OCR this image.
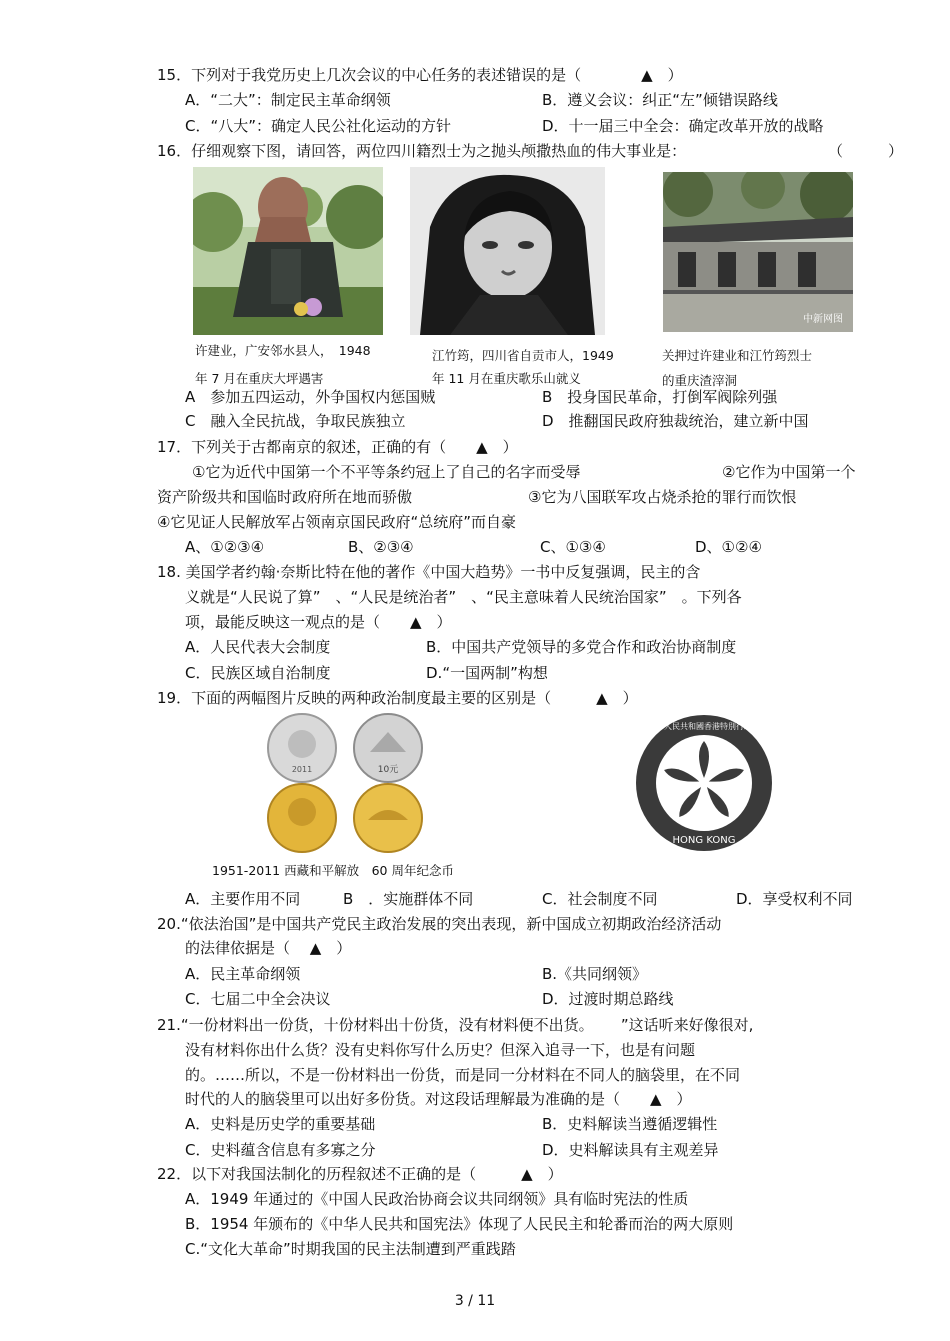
15．下列对于我党历史上几次会议的中心任务的表述错误的是（　　　　▲　）
A．“二大”：制定民主革命纲领	B．遵义会议：纠正“左”倾错误路线
C．“八大”：确定人民公社化运动的方针	D．十一届三中全会：确定改革开放的战略
16．仔细观察下图，请回答，两位四川籍烈士为之抛头颅撒热血的伟大事业是：	（　　　）
中新网图
许建业，广安邻水县人，　1948
年 7 月在重庆大坪遇害
江竹筠，四川省自贡市人，1949
年 11 月在重庆歌乐山就义
关押过许建业和江竹筠烈士
的重庆渣滓洞
A　参加五四运动，外争国权内惩国贼	B　投身国民革命，打倒军阀除列强
C　融入全民抗战，争取民族独立	D　推翻国民政府独裁统治，建立新中国
17．下列关于古都南京的叙述，正确的有（　　▲　）
①它为近代中国第一个不平等条约冠上了自己的名字而受辱	②它作为中国第一个
资产阶级共和国临时政府所在地而骄傲	③它为八国联军攻占烧杀抢的罪行而饮恨
④它见证人民解放军占领南京国民政府“总统府”而自豪
A、①②③④	B、②③④	C、①③④	D、①②④
18. 美国学者约翰·奈斯比特在他的著作《中国大趋势》一书中反复强调，民主的含
义就是“人民说了算”　、“人民是统治者”　、“民主意味着人民统治国家”　。下列各
项，最能反映这一观点的是（　　▲　）
A．人民代表大会制度	B．中国共产党领导的多党合作和政治协商制度
C．民族区域自治制度	D.“一国两制”构想
19．下面的两幅图片反映的两种政治制度最主要的区别是（　　　▲　）
2011	10元
1951-2011 西藏和平解放　60 周年纪念币
中華人民共和國香港特別行政區
HONG KONG
A．主要作用不同	B　．实施群体不同	C．社会制度不同	D．享受权利不同
20.“依法治国”是中国共产党民主政治发展的突出表现，新中国成立初期政治经济活动
的法律依据是（　 ▲　）
A．民主革命纲领	B.《共同纲领》
C．七届二中全会决议	D．过渡时期总路线
21.“一份材料出一份货，十份材料出十份货，没有材料便不出货。　　 ”这话听来好像很对,
没有材料你出什么货？没有史料你写什么历史？但深入追寻一下，也是有问题
的。……所以，不是一份材料出一份货，而是同一分材料在不同人的脑袋里，在不同
时代的人的脑袋里可以出好多份货。对这段话理解最为准确的是（　　▲　）
A．史料是历史学的重要基础	B．史料解读当遵循逻辑性
C．史料蕴含信息有多寡之分	D．史料解读具有主观差异
22．以下对我国法制化的历程叙述不正确的是（　　　▲　）
A．1949 年通过的《中国人民政治协商会议共同纲领》具有临时宪法的性质
B．1954 年颁布的《中华人民共和国宪法》体现了人民民主和轮番而治的两大原则
C.“文化大革命”时期我国的民主法制遭到严重践踏
3 / 11
